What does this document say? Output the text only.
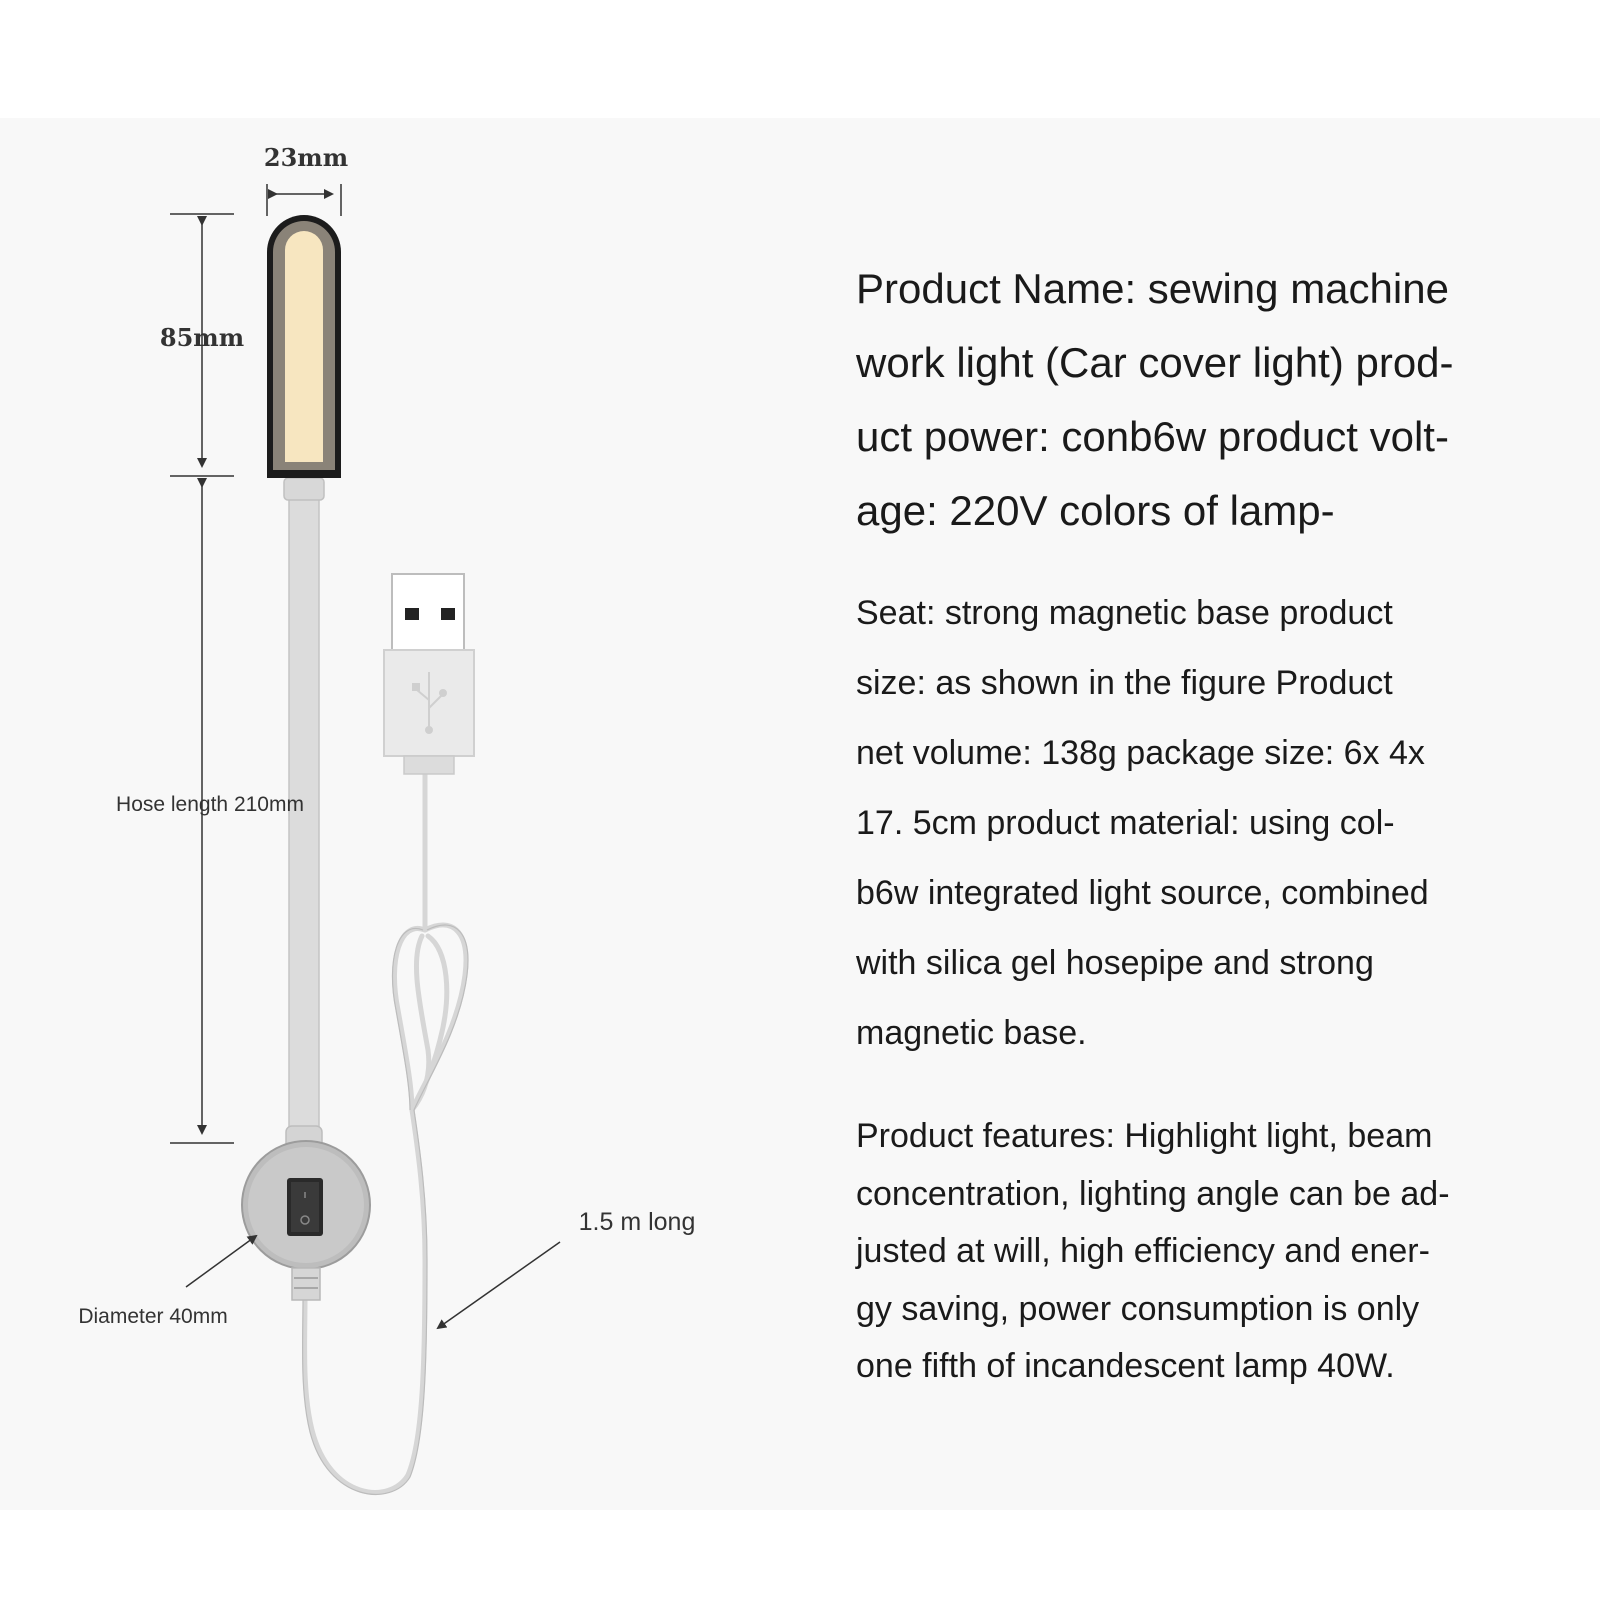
23mm
85mm
Hose length 210mm
1.5 m long
Diameter 40mm
Product Name: sewing machine
work light (Car cover light) prod-
uct power: conb6w product volt-
age: 220V colors of lamp-
Seat: strong magnetic base product
size: as shown in the figure Product
net volume: 138g package size: 6x 4x
17. 5cm product material: using col-
b6w integrated light source, combined
with silica gel hosepipe and strong
magnetic base.
Product features: Highlight light, beam
concentration, lighting angle can be ad-
justed at will, high efficiency and ener-
gy saving, power consumption is only
one fifth of incandescent lamp 40W.
